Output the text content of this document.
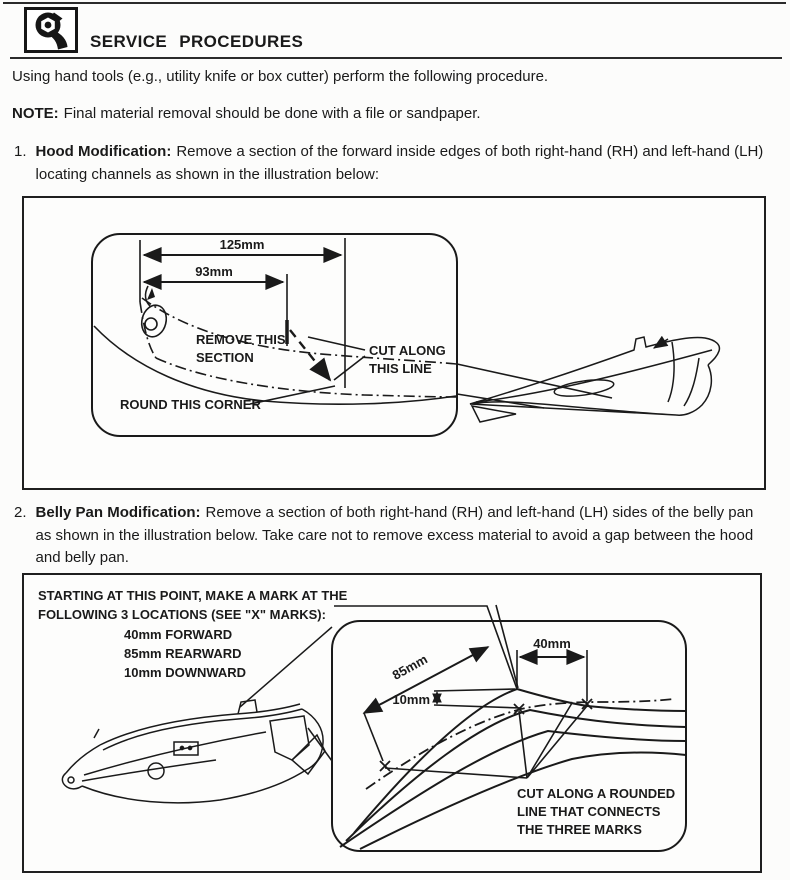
SERVICE PROCEDURES

Using hand tools (e.g., utility knife or box cutter) perform the following procedure.

NOTE: Final material removal should be done with a file or sandpaper.

1. Hood Modification: Remove a section of the forward inside edges of both right-hand (RH) and left-hand (LH) locating channels as shown in the illustration below:

125mm
93mm
REMOVE THIS
SECTION	CUT ALONG
THIS LINE
ROUND THIS CORNER
2. Belly Pan Modification: Remove a section of both right-hand (RH) and left-hand (LH) sides of the belly pan as shown in the illustration below. Take care not to remove excess material to avoid a gap between the hood and belly pan.

STARTING AT THIS POINT, MAKE A MARK AT THE
FOLLOWING 3 LOCATIONS (SEE "X" MARKS):
40mm FORWARD
85mm REARWARD
10mm DOWNWARD	85mm
10mm
40mm
CUT ALONG A ROUNDED
LINE THAT CONNECTS
THE THREE MARKS
